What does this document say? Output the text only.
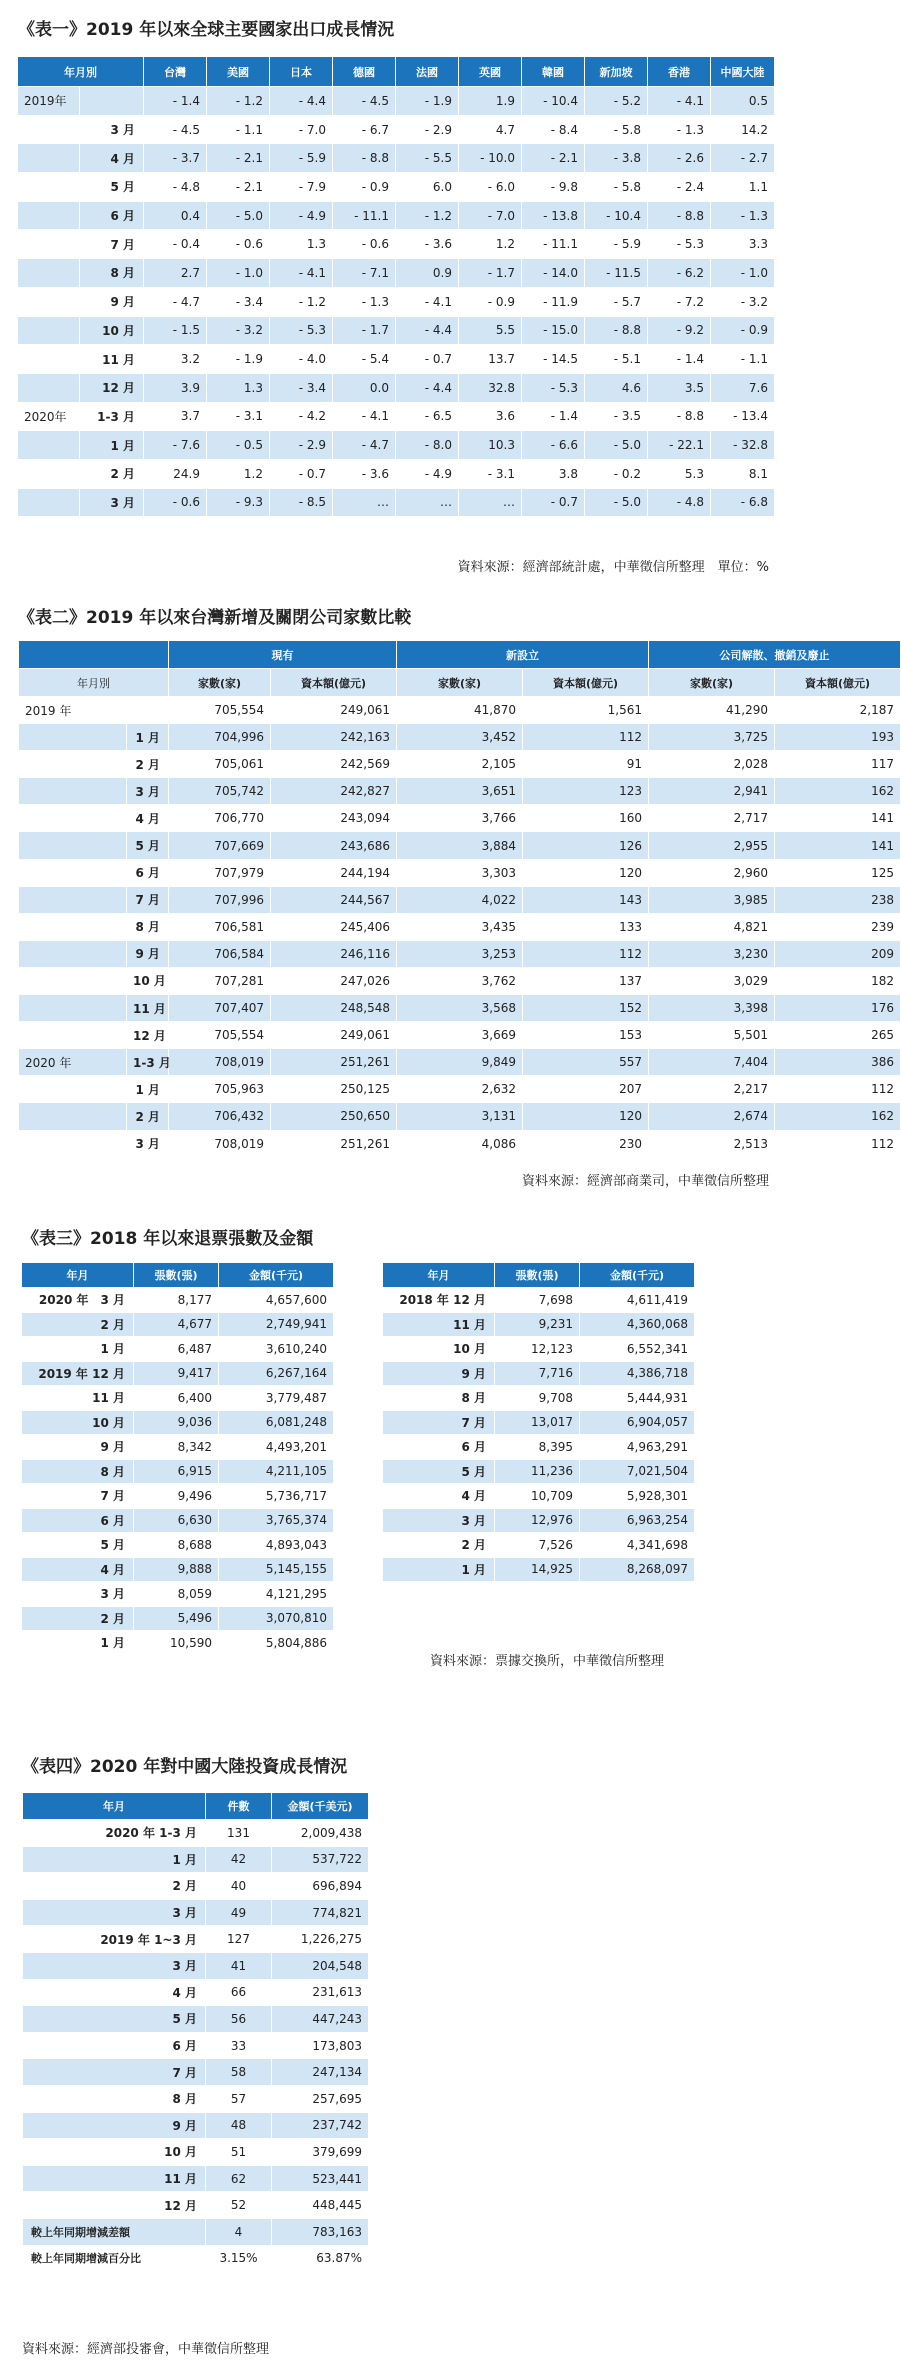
《表一》2019 年以來全球主要國家出口成長情況
年月別		台灣	美國	日本	德國	法國	英國	韓國	新加坡	香港	中國大陸
2019年		- 1.4	- 1.2	- 4.4	- 4.5	- 1.9	1.9	- 10.4	- 5.2	- 4.1	0.5
	3 月	- 4.5	- 1.1	- 7.0	- 6.7	- 2.9	4.7	- 8.4	- 5.8	- 1.3	14.2
	4 月	- 3.7	- 2.1	- 5.9	- 8.8	- 5.5	- 10.0	- 2.1	- 3.8	- 2.6	- 2.7
	5 月	- 4.8	- 2.1	- 7.9	- 0.9	6.0	- 6.0	- 9.8	- 5.8	- 2.4	1.1
	6 月	0.4	- 5.0	- 4.9	- 11.1	- 1.2	- 7.0	- 13.8	- 10.4	- 8.8	- 1.3
	7 月	- 0.4	- 0.6	1.3	- 0.6	- 3.6	1.2	- 11.1	- 5.9	- 5.3	3.3
	8 月	2.7	- 1.0	- 4.1	- 7.1	0.9	- 1.7	- 14.0	- 11.5	- 6.2	- 1.0
	9 月	- 4.7	- 3.4	- 1.2	- 1.3	- 4.1	- 0.9	- 11.9	- 5.7	- 7.2	- 3.2
	10 月	- 1.5	- 3.2	- 5.3	- 1.7	- 4.4	5.5	- 15.0	- 8.8	- 9.2	- 0.9
	11 月	3.2	- 1.9	- 4.0	- 5.4	- 0.7	13.7	- 14.5	- 5.1	- 1.4	- 1.1
	12 月	3.9	1.3	- 3.4	0.0	- 4.4	32.8	- 5.3	4.6	3.5	7.6
2020年	1-3 月	3.7	- 3.1	- 4.2	- 4.1	- 6.5	3.6	- 1.4	- 3.5	- 8.8	- 13.4
	1 月	- 7.6	- 0.5	- 2.9	- 4.7	- 8.0	10.3	- 6.6	- 5.0	- 22.1	- 32.8
	2 月	24.9	1.2	- 0.7	- 3.6	- 4.9	- 3.1	3.8	- 0.2	5.3	8.1
	3 月	- 0.6	- 9.3	- 8.5	…	…	…	- 0.7	- 5.0	- 4.8	- 6.8
資料來源：經濟部統計處，中華徵信所整理　單位：%
《表二》2019 年以來台灣新增及關閉公司家數比較
		現有		新設立		公司解散、撤銷及廢止	
年月別		家數(家)	資本額(億元)	家數(家)	資本額(億元)	家數(家)	資本額(億元)
2019 年		705,554	249,061	41,870	1,561	41,290	2,187
	1 月	704,996	242,163	3,452	112	3,725	193
	2 月	705,061	242,569	2,105	91	2,028	117
	3 月	705,742	242,827	3,651	123	2,941	162
	4 月	706,770	243,094	3,766	160	2,717	141
	5 月	707,669	243,686	3,884	126	2,955	141
	6 月	707,979	244,194	3,303	120	2,960	125
	7 月	707,996	244,567	4,022	143	3,985	238
	8 月	706,581	245,406	3,435	133	4,821	239
	9 月	706,584	246,116	3,253	112	3,230	209
	10 月	707,281	247,026	3,762	137	3,029	182
	11 月	707,407	248,548	3,568	152	3,398	176
	12 月	705,554	249,061	3,669	153	5,501	265
2020 年	1-3 月	708,019	251,261	9,849	557	7,404	386
	1 月	705,963	250,125	2,632	207	2,217	112
	2 月	706,432	250,650	3,131	120	2,674	162
	3 月	708,019	251,261	4,086	230	2,513	112
資料來源：經濟部商業司，中華徵信所整理
《表三》2018 年以來退票張數及金額
年月	張數(張)	金額(千元)
2020 年　3 月	8,177	4,657,600
2 月	4,677	2,749,941
1 月	6,487	3,610,240
2019 年 12 月	9,417	6,267,164
11 月	6,400	3,779,487
10 月	9,036	6,081,248
9 月	8,342	4,493,201
8 月	6,915	4,211,105
7 月	9,496	5,736,717
6 月	6,630	3,765,374
5 月	8,688	4,893,043
4 月	9,888	5,145,155
3 月	8,059	4,121,295
2 月	5,496	3,070,810
1 月	10,590	5,804,886
年月	張數(張)	金額(千元)
2018 年 12 月	7,698	4,611,419
11 月	9,231	4,360,068
10 月	12,123	6,552,341
9 月	7,716	4,386,718
8 月	9,708	5,444,931
7 月	13,017	6,904,057
6 月	8,395	4,963,291
5 月	11,236	7,021,504
4 月	10,709	5,928,301
3 月	12,976	6,963,254
2 月	7,526	4,341,698
1 月	14,925	8,268,097
資料來源：票據交換所，中華徵信所整理
《表四》2020 年對中國大陸投資成長情況
年月	件數	金額(千美元)
2020 年 1-3 月	131	2,009,438
1 月	42	537,722
2 月	40	696,894
3 月	49	774,821
2019 年 1~3 月	127	1,226,275
3 月	41	204,548
4 月	66	231,613
5 月	56	447,243
6 月	33	173,803
7 月	58	247,134
8 月	57	257,695
9 月	48	237,742
10 月	51	379,699
11 月	62	523,441
12 月	52	448,445
較上年同期增減差額	4	783,163
較上年同期增減百分比	3.15%	63.87%
資料來源：經濟部投審會，中華徵信所整理
